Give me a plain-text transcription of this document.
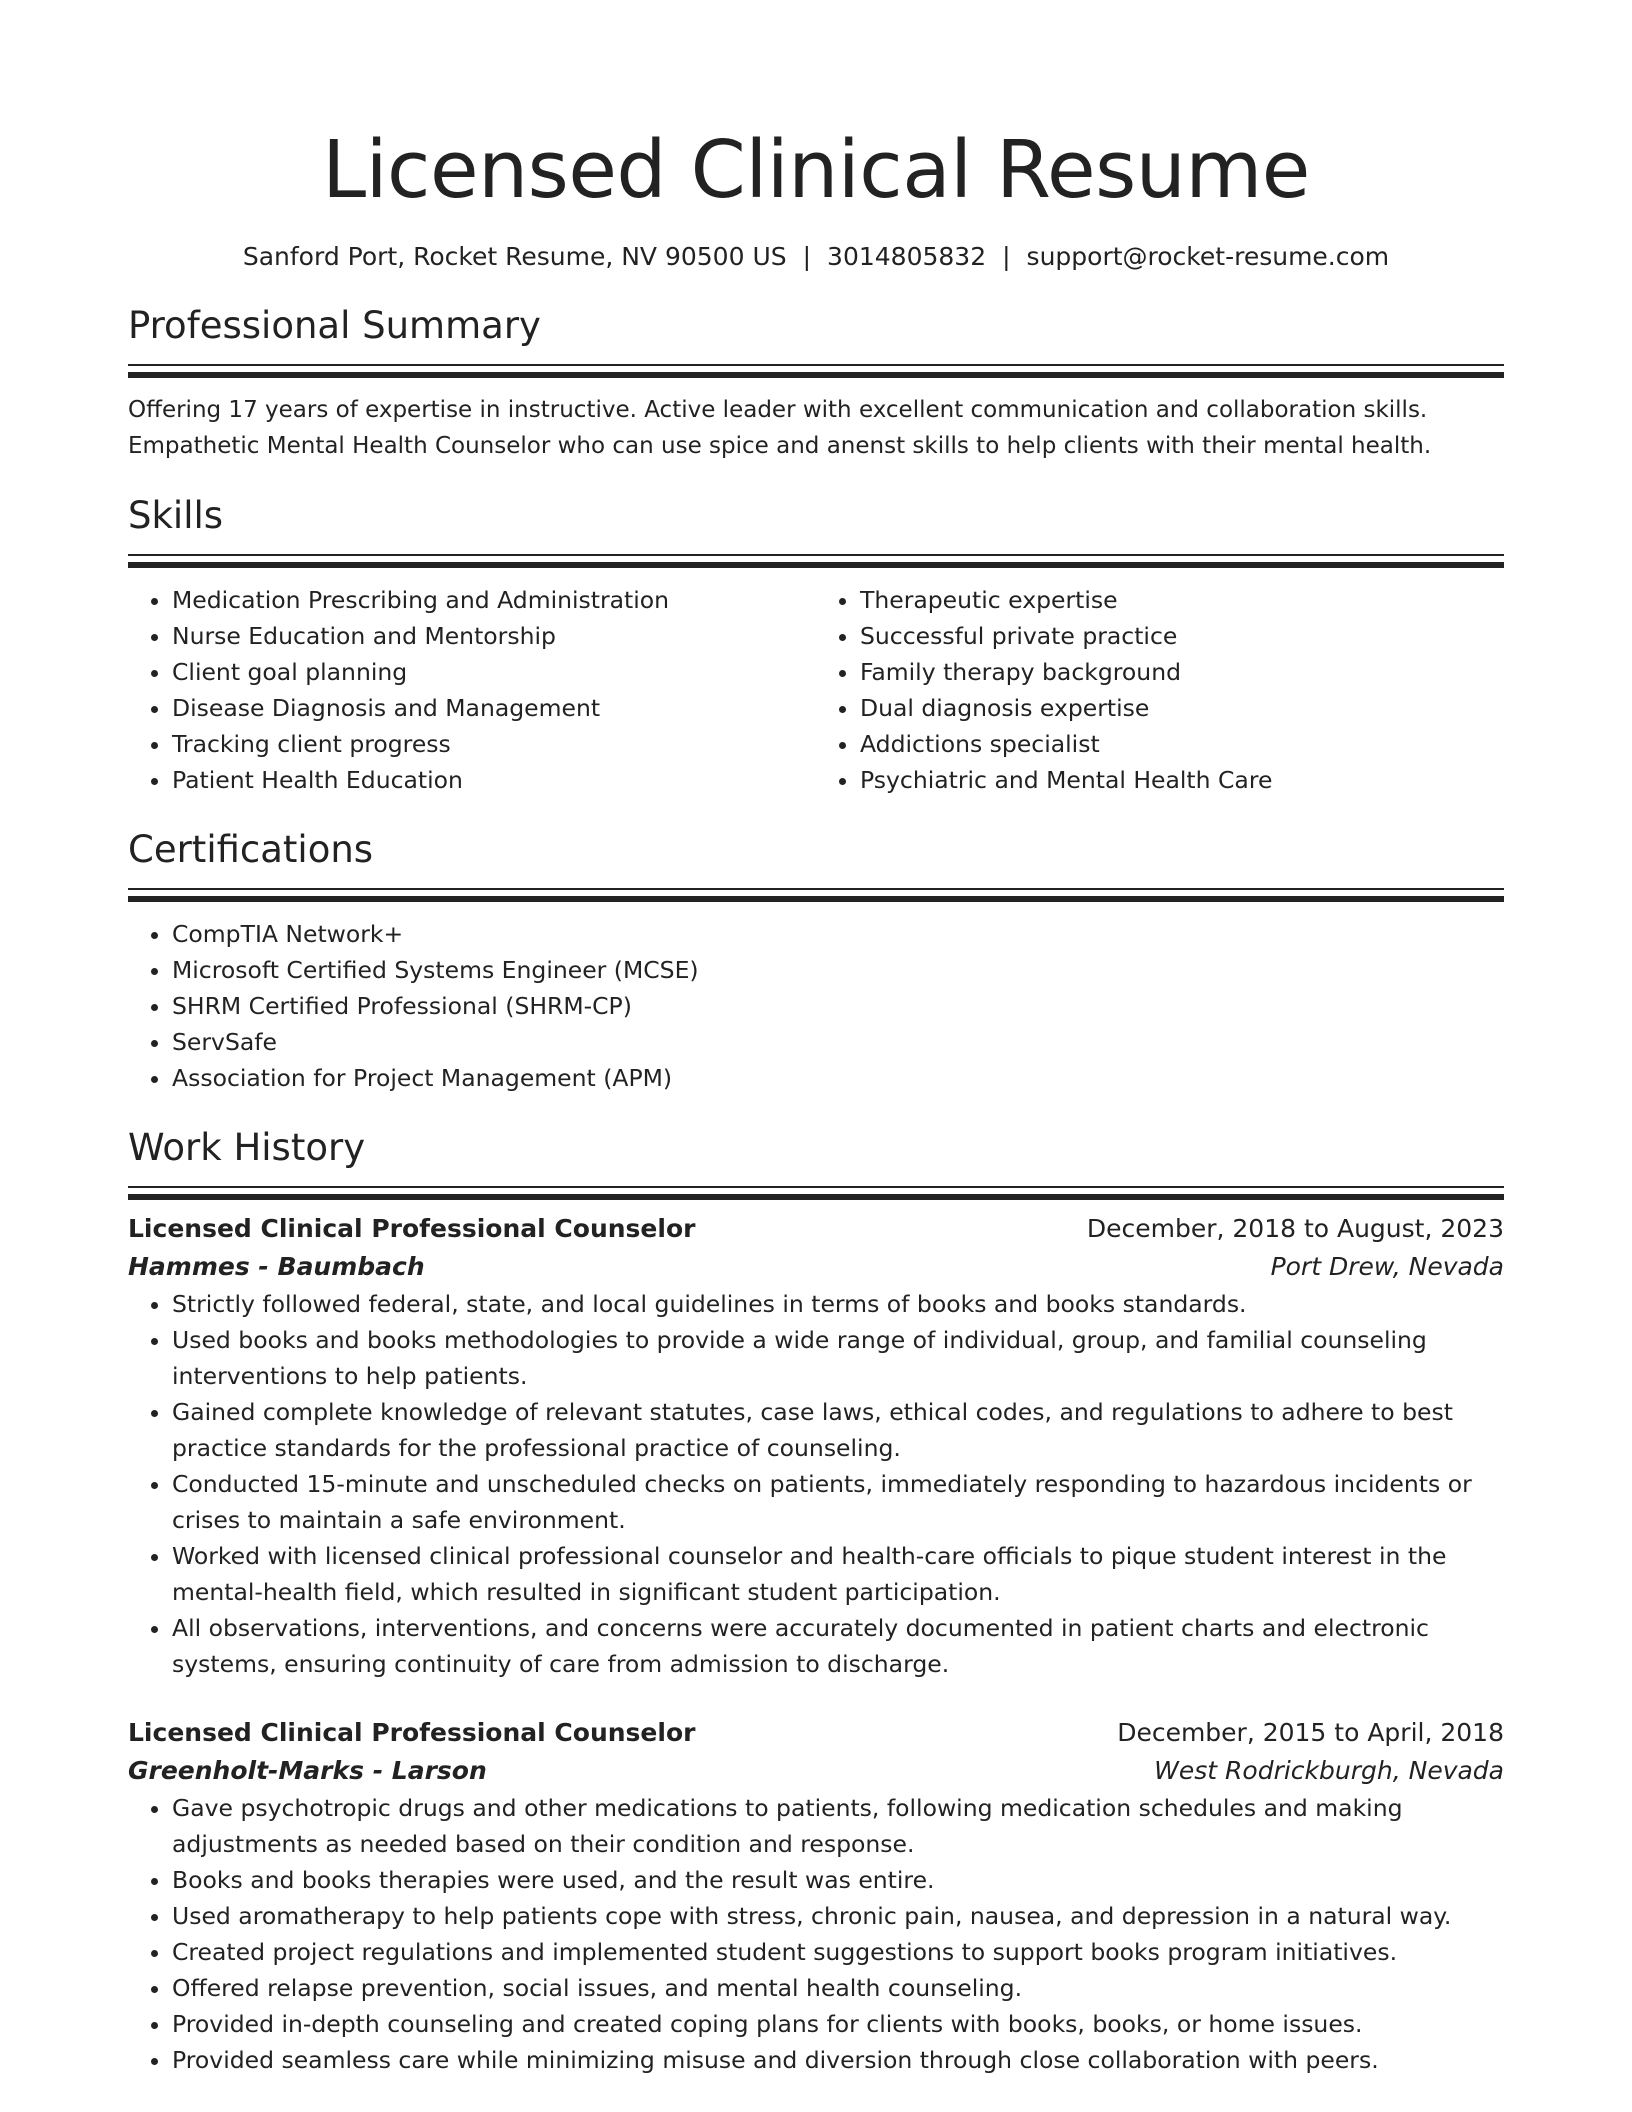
Licensed Clinical Resume
Sanford Port, Rocket Resume, NV 90500 US | 3014805832 | support@rocket-resume.com
Professional Summary

Offering 17 years of expertise in instructive. Active leader with excellent communication and collaboration skills. Empathetic Mental Health Counselor who can use spice and anenst skills to help clients with their mental health.

Skills
• Medication Prescribing and Administration
• Nurse Education and Mentorship
• Client goal planning
• Disease Diagnosis and Management
• Tracking client progress
• Patient Health Education
• Therapeutic expertise
• Successful private practice
• Family therapy background
• Dual diagnosis expertise
• Addictions specialist
• Psychiatric and Mental Health Care
Certifications
• CompTIA Network+
• Microsoft Certified Systems Engineer (MCSE)
• SHRM Certified Professional (SHRM-CP)
• ServSafe
• Association for Project Management (APM)
Work History
Licensed Clinical Professional Counselor	December, 2018 to August, 2023
Hammes - Baumbach	Port Drew, Nevada
• Strictly followed federal, state, and local guidelines in terms of books and books standards.
• Used books and books methodologies to provide a wide range of individual, group, and familial counseling interventions to help patients.
• Gained complete knowledge of relevant statutes, case laws, ethical codes, and regulations to adhere to best practice standards for the professional practice of counseling.
• Conducted 15-minute and unscheduled checks on patients, immediately responding to hazardous incidents or crises to maintain a safe environment.
• Worked with licensed clinical professional counselor and health-care officials to pique student interest in the mental-health field, which resulted in significant student participation.
• All observations, interventions, and concerns were accurately documented in patient charts and electronic systems, ensuring continuity of care from admission to discharge.
Licensed Clinical Professional Counselor	December, 2015 to April, 2018
Greenholt-Marks - Larson	West Rodrickburgh, Nevada
• Gave psychotropic drugs and other medications to patients, following medication schedules and making adjustments as needed based on their condition and response.
• Books and books therapies were used, and the result was entire.
• Used aromatherapy to help patients cope with stress, chronic pain, nausea, and depression in a natural way.
• Created project regulations and implemented student suggestions to support books program initiatives.
• Offered relapse prevention, social issues, and mental health counseling.
• Provided in-depth counseling and created coping plans for clients with books, books, or home issues.
• Provided seamless care while minimizing misuse and diversion through close collaboration with peers.
